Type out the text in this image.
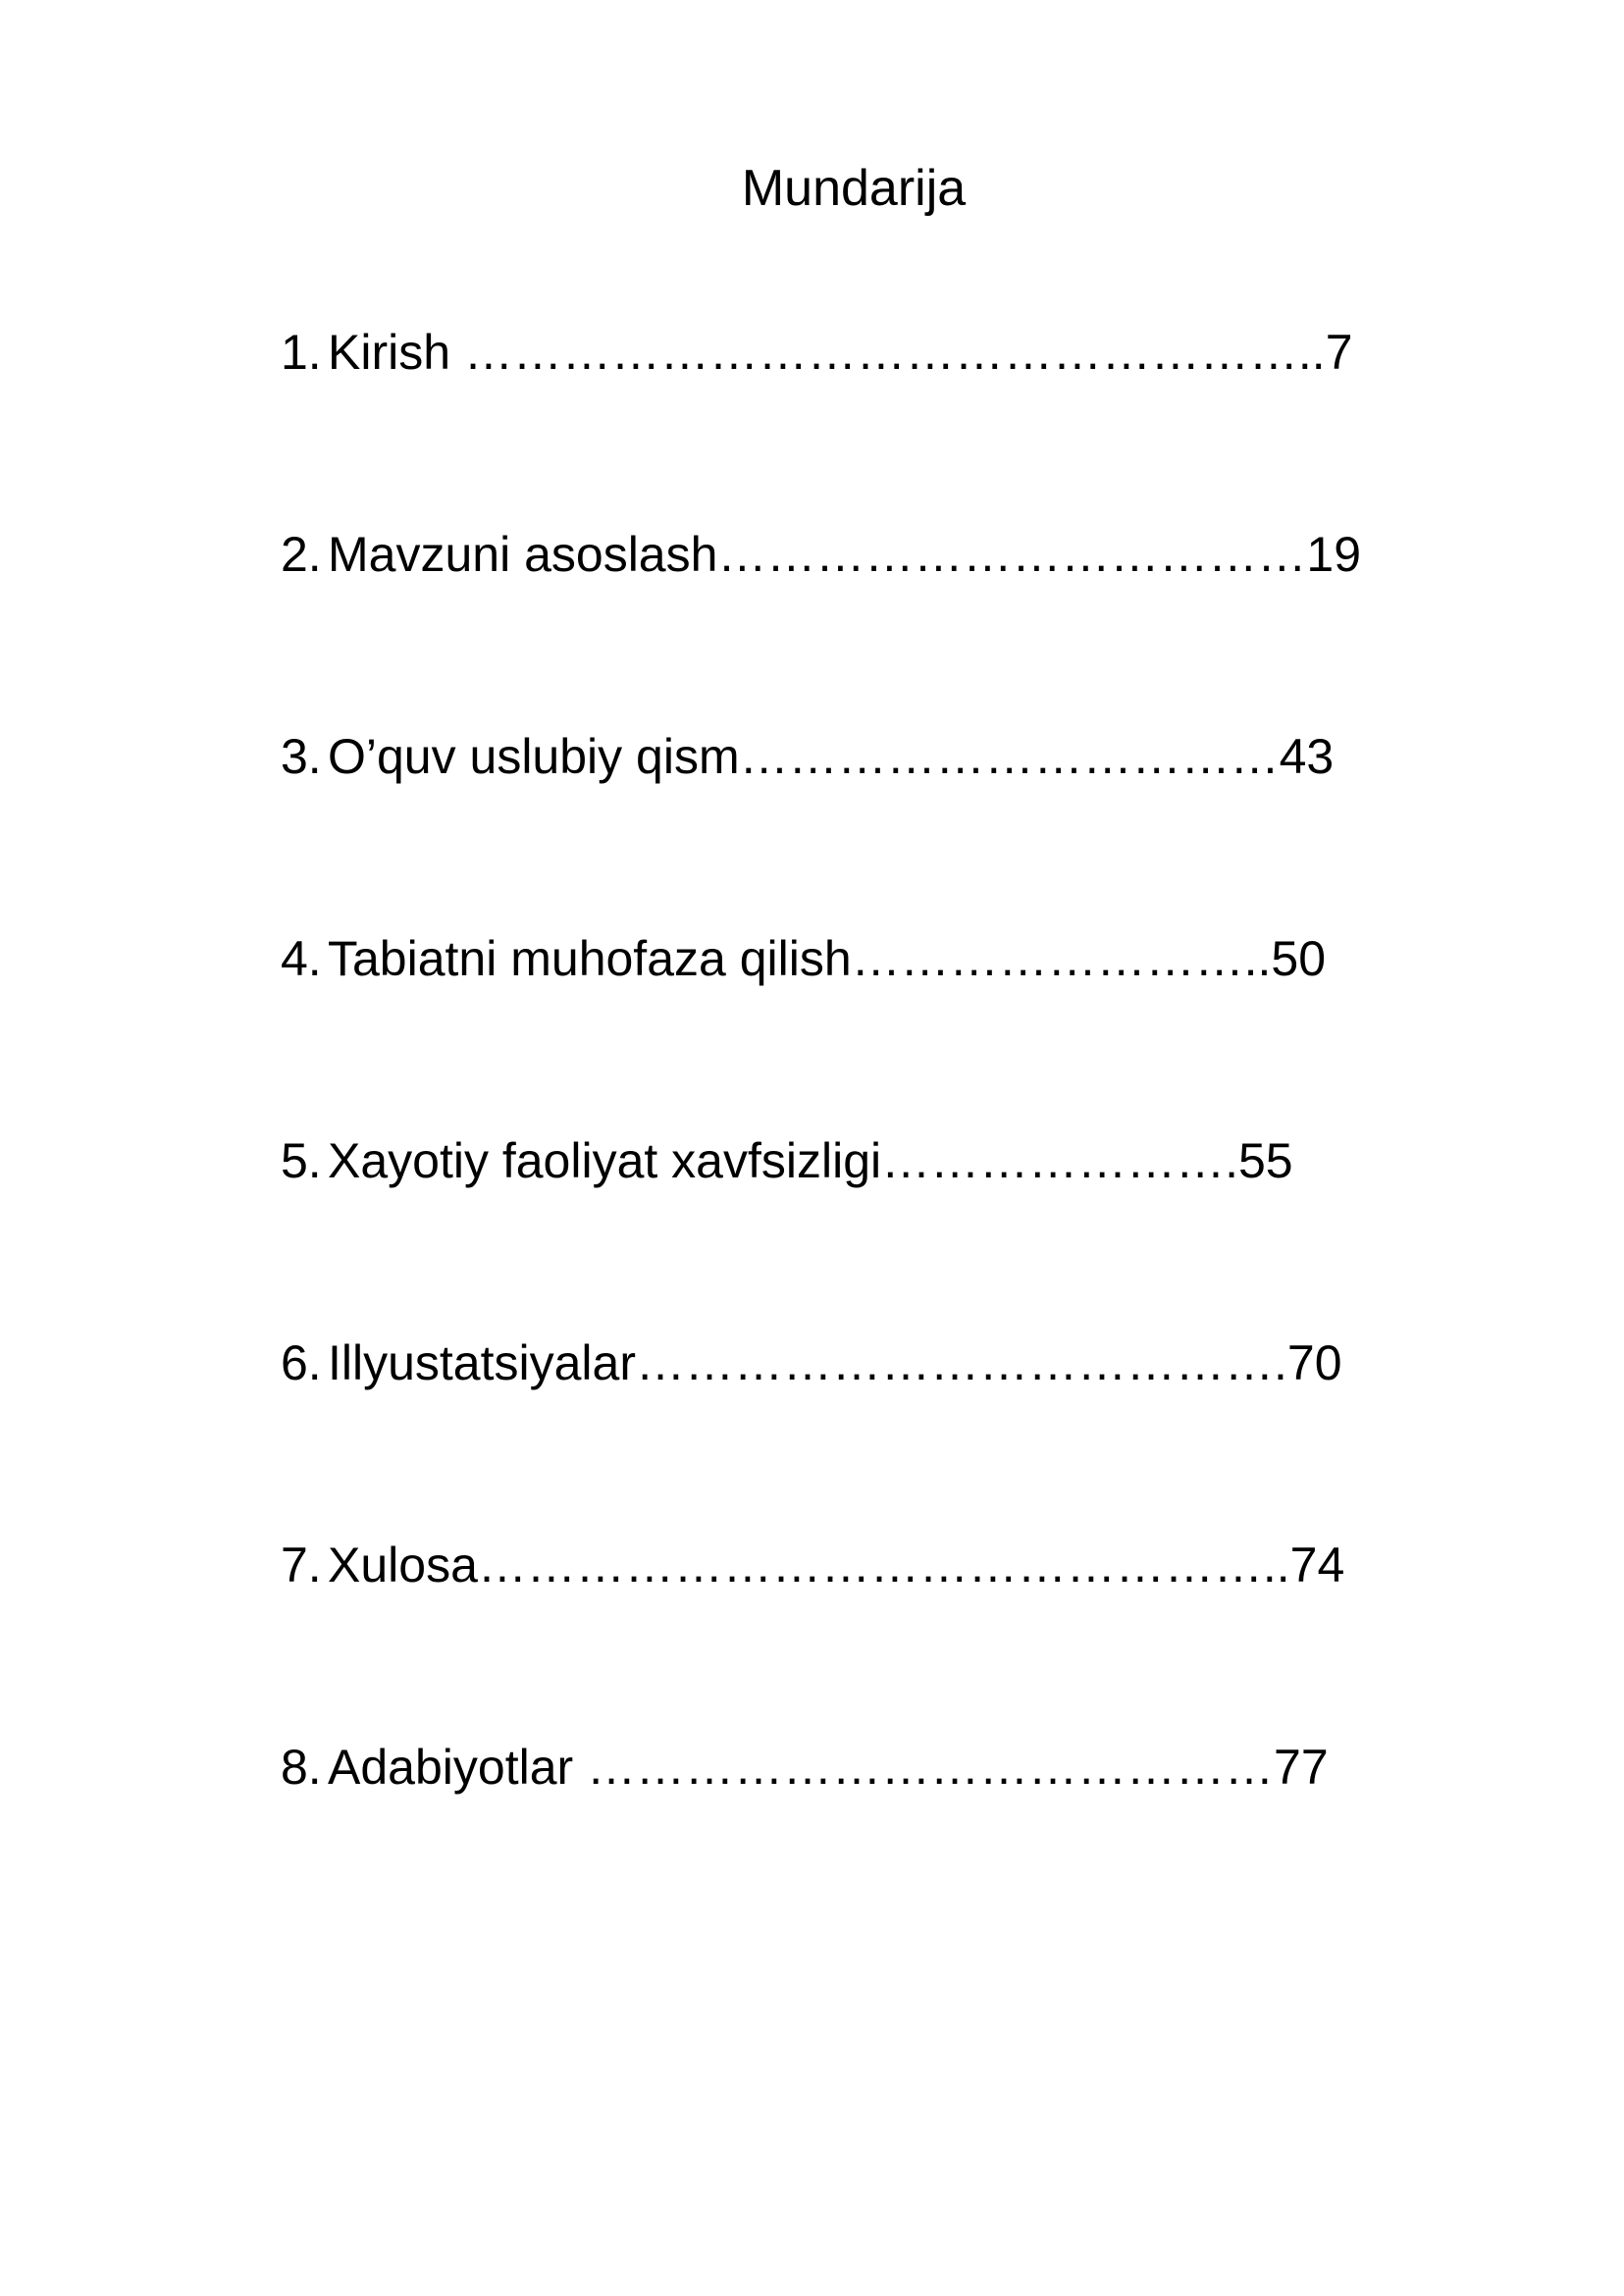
Mundarija
1. Kirish ……………………………………………..7
2. Mavzuni asoslash………………………………19
3. O’quv uslubiy qism……………………………43
4. Tabiatni muhofaza qilish……………………..50
5. Xayotiy faoliyat xavfsizligi………………….55
6. Illyustatsiyalar………………………………….70
7. Xulosa…………………………………………..74
8. Adabiyotlar ……………………………………77
